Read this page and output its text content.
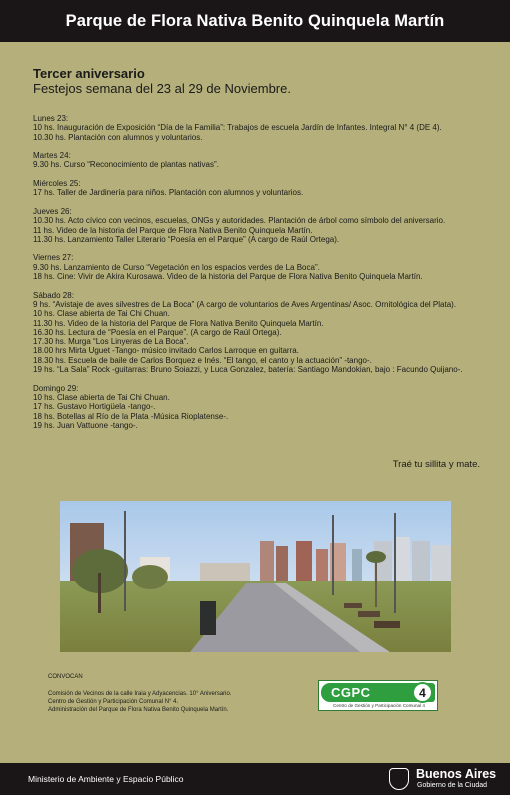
Parque de Flora Nativa Benito Quinquela Martín
Tercer aniversario
Festejos semana del 23 al 29 de Noviembre.
Lunes 23:
10 hs. Inauguración de Exposición “Día de la Familia”: Trabajos de escuela Jardín de Infantes. Integral N° 4 (DE 4).
10.30 hs. Plantación con alumnos y voluntarios.
Martes 24:
9.30 hs. Curso “Reconocimiento de plantas nativas”.
Miércoles 25:
17 hs. Taller de Jardinería para niños. Plantación con alumnos y voluntarios.
Jueves 26:
10.30 hs. Acto cívico con vecinos, escuelas, ONGs y autoridades. Plantación de árbol como símbolo del aniversario.
11 hs. Video de la historia del Parque de Flora Nativa Benito Quinquela Martín.
11.30 hs. Lanzamiento Taller Literario “Poesía en el Parque” (A cargo de Raúl Ortega).
Viernes 27:
9.30 hs. Lanzamiento de Curso “Vegetación en los espacios verdes de La Boca”.
18 hs. Cine: Vivir de Akira Kurosawa. Video de la historia del Parque de Flora Nativa Benito Quinquela Martín.
Sábado 28:
9 hs. “Avistaje de aves silvestres de La Boca” (A cargo de voluntarios de Aves Argentinas/ Asoc. Ornitológica del Plata).
10 hs. Clase abierta de Tai Chi Chuan.
11.30 hs. Video de la historia del Parque de Flora Nativa Benito Quinquela Martín.
16.30 hs. Lectura de “Poesía en el Parque”. (A cargo de Raúl Ortega).
17.30 hs. Murga “Los Linyeras de La Boca”.
18.00 hrs Mirta Uguet -Tango- músico invitado Carlos Larroque en guitarra.
18.30 hs. Escuela de baile de Carlos Borquez e Inés. “El tango, el canto y la actuación” -tango-.
19 hs. “La Sala” Rock -guitarras: Bruno Soiazzi, y Luca Gonzalez, batería: Santiago Mandokian, bajo : Facundo Quijano-.
Domingo 29:
10 hs. Clase abierta de Tai Chi Chuan.
17 hs. Gustavo Hortigüela -tango-.
18 hs. Botellas al Río de la Plata -Música Rioplatense-.
19 hs. Juan Vattuone -tango-.
Traé tu sillita y mate.
CONVOCAN
Comisión de Vecinos de la calle Iraia y Adyacencias. 10° Aniversario.
Centro de Gestión y Participación Comunal N° 4.
Administración del Parque de Flora Nativa Benito Quinquela Martín.
CGPC	4
Centro de Gestión y Participación Comunal 4
Ministerio de Ambiente y Espacio Público	Buenos Aires
Gobierno de la Ciudad
